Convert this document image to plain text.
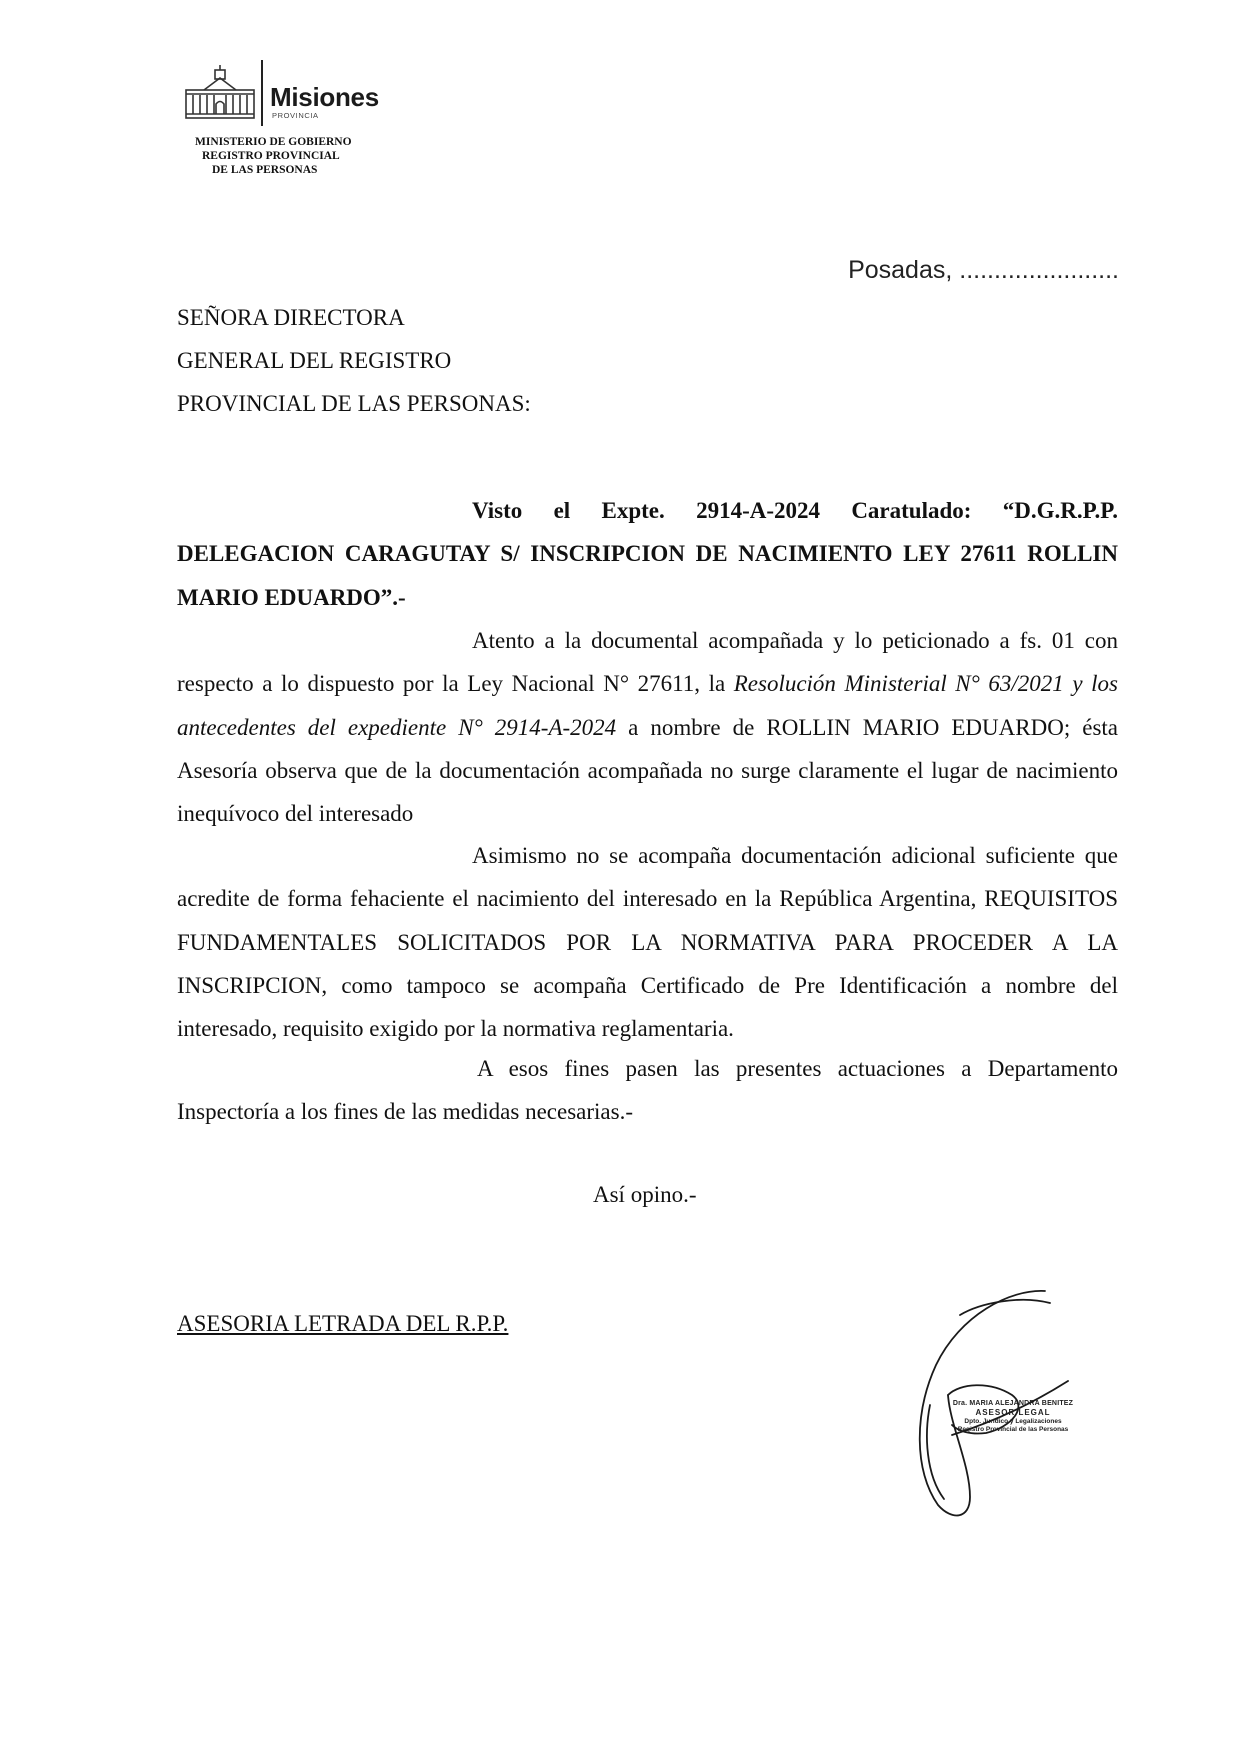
Misiones
PROVINCIA
MINISTERIO DE GOBIERNO
REGISTRO PROVINCIAL
DE LAS PERSONAS
Posadas, .......................
SEÑORA DIRECTORA
GENERAL DEL REGISTRO
PROVINCIAL DE LAS PERSONAS:
Visto el Expte. 2914-A-2024 Caratulado: “D.G.R.P.P. DELEGACION CARAGUTAY S/ INSCRIPCION DE NACIMIENTO LEY 27611 ROLLIN MARIO EDUARDO”.-
Atento a la documental acompañada y lo peticionado a fs. 01 con respecto a lo dispuesto por la Ley Nacional N° 27611, la Resolución Ministerial N° 63/2021 y los antecedentes del expediente N° 2914-A-2024 a nombre de ROLLIN MARIO EDUARDO; ésta Asesoría observa que de la documentación acompañada no surge claramente el lugar de nacimiento inequívoco del interesado
Asimismo no se acompaña documentación adicional suficiente que acredite de forma fehaciente el nacimiento del interesado en la República Argentina, REQUISITOS FUNDAMENTALES SOLICITADOS POR LA NORMATIVA PARA PROCEDER A LA INSCRIPCION, como tampoco se acompaña Certificado de Pre Identificación a nombre del interesado, requisito exigido por la normativa reglamentaria.
A esos fines pasen las presentes actuaciones a Departamento Inspectoría a los fines de las medidas necesarias.-
Así opino.-
ASESORIA LETRADA DEL R.P.P.
Dra. MARIA ALEJANDRA BENITEZ
ASESOR LEGAL
Dpto. Jurídico y Legalizaciones
Registro Provincial de las Personas
